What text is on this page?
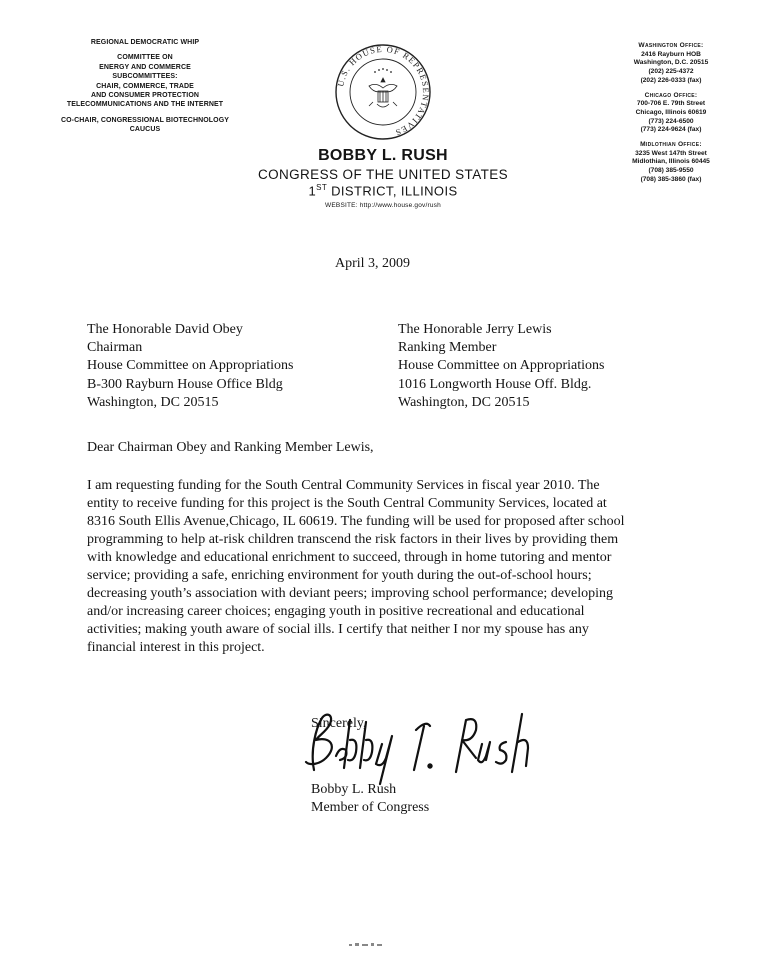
REGIONAL DEMOCRATIC WHIP
COMMITTEE ON
ENERGY AND COMMERCE
SUBCOMMITTEES:
CHAIR, COMMERCE, TRADE
AND CONSUMER PROTECTION
TELECOMMUNICATIONS AND THE INTERNET
CO-CHAIR, CONGRESSIONAL BIOTECHNOLOGY
CAUCUS
U.S. HOUSE OF REPRESENTATIVES
BOBBY L. RUSH
CONGRESS OF THE UNITED STATES
1ST DISTRICT, ILLINOIS
WEBSITE: http://www.house.gov/rush
Washington Office:
2416 Rayburn HOB
Washington, D.C. 20515
(202) 225-4372
(202) 226-0333 (fax)
Chicago Office:
700-706 E. 79th Street
Chicago, Illinois 60619
(773) 224-6500
(773) 224-9624 (fax)
Midlothian Office:
3235 West 147th Street
Midlothian, Illinois 60445
(708) 385-9550
(708) 385-3860 (fax)
April 3, 2009
The Honorable David Obey
Chairman
House Committee on Appropriations
B-300 Rayburn House Office Bldg
Washington, DC 20515
The Honorable Jerry Lewis
Ranking Member
House Committee on Appropriations
1016 Longworth House Off. Bldg.
Washington, DC 20515
Dear Chairman Obey and Ranking Member Lewis,
I am requesting funding for the South Central Community Services in fiscal year 2010. The
entity to receive funding for this project is the South Central Community Services, located at
8316 South Ellis Avenue,Chicago, IL 60619. The funding will be used for proposed after school
programming to help at-risk children transcend the risk factors in their lives by providing them
with knowledge and educational enrichment to succeed, through in home tutoring and mentor
service; providing a safe, enriching environment for youth during the out-of-school hours;
decreasing youth’s association with deviant peers; improving school performance; developing
and/or increasing career choices; engaging youth in positive recreational and educational
activities; making youth aware of social ills. I certify that neither I nor my spouse has any
financial interest in this project.
Sincerely,
Bobby L. Rush
Member of Congress
